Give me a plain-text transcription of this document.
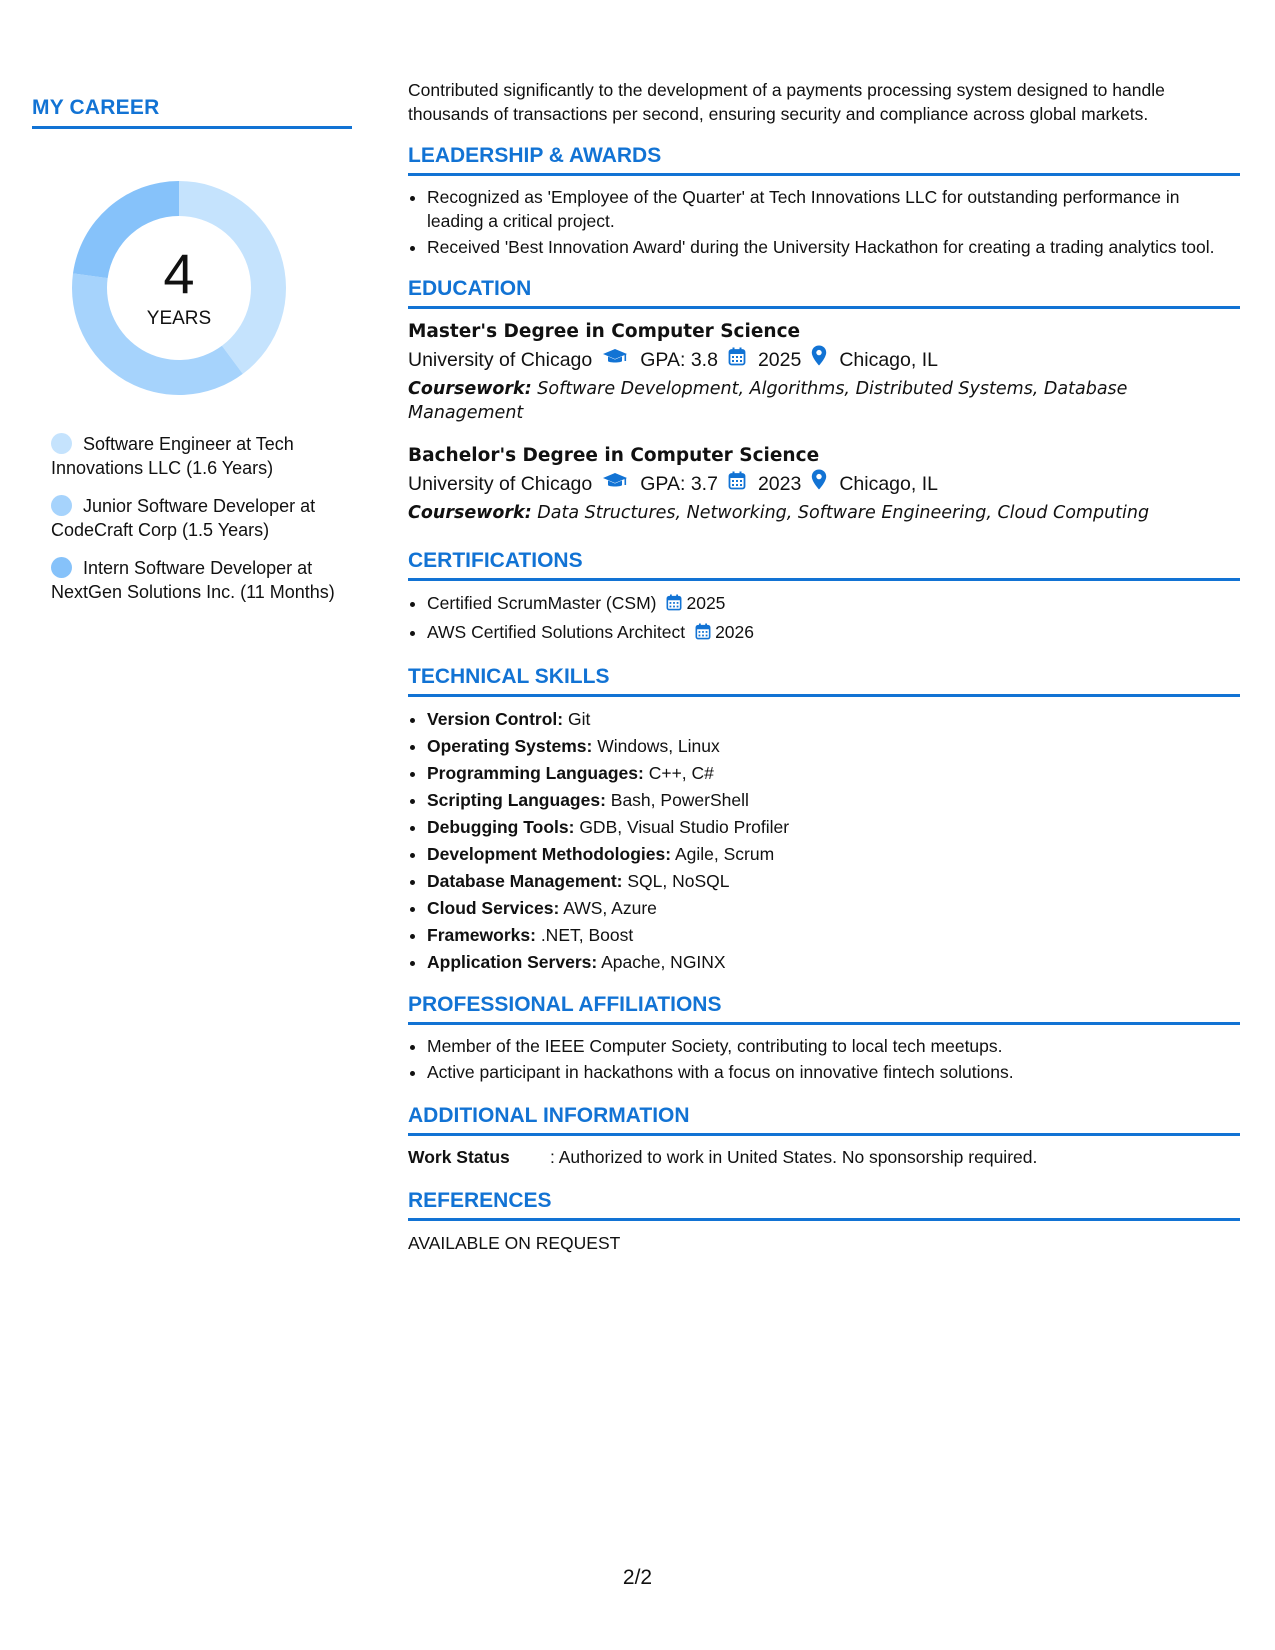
MY CAREER
4
YEARS
Software Engineer at Tech Innovations LLC (1.6 Years)
Junior Software Developer at CodeCraft Corp (1.5 Years)
Intern Software Developer at NextGen Solutions Inc. (11 Months)

Contributed significantly to the development of a payments processing system designed to handle thousands of transactions per second, ensuring security and compliance across global markets.

LEADERSHIP & AWARDS
• Recognized as 'Employee of the Quarter' at Tech Innovations LLC for outstanding performance in leading a critical project.
• Received 'Best Innovation Award' during the University Hackathon for creating a trading analytics tool.
EDUCATION
Master's Degree in Computer Science
University of Chicago GPA: 3.8 2025 Chicago, IL
Coursework: Software Development, Algorithms, Distributed Systems, Database Management
Bachelor's Degree in Computer Science
University of Chicago GPA: 3.7 2023 Chicago, IL
Coursework: Data Structures, Networking, Software Engineering, Cloud Computing
CERTIFICATIONS
• Certified ScrumMaster (CSM) 2025
• AWS Certified Solutions Architect 2026
TECHNICAL SKILLS
• Version Control: Git
• Operating Systems: Windows, Linux
• Programming Languages: C++, C#
• Scripting Languages: Bash, PowerShell
• Debugging Tools: GDB, Visual Studio Profiler
• Development Methodologies: Agile, Scrum
• Database Management: SQL, NoSQL
• Cloud Services: AWS, Azure
• Frameworks: .NET, Boost
• Application Servers: Apache, NGINX
PROFESSIONAL AFFILIATIONS
• Member of the IEEE Computer Society, contributing to local tech meetups.
• Active participant in hackathons with a focus on innovative fintech solutions.
ADDITIONAL INFORMATION
Work Status	: Authorized to work in United States. No sponsorship required.
REFERENCES
AVAILABLE ON REQUEST
2/2
